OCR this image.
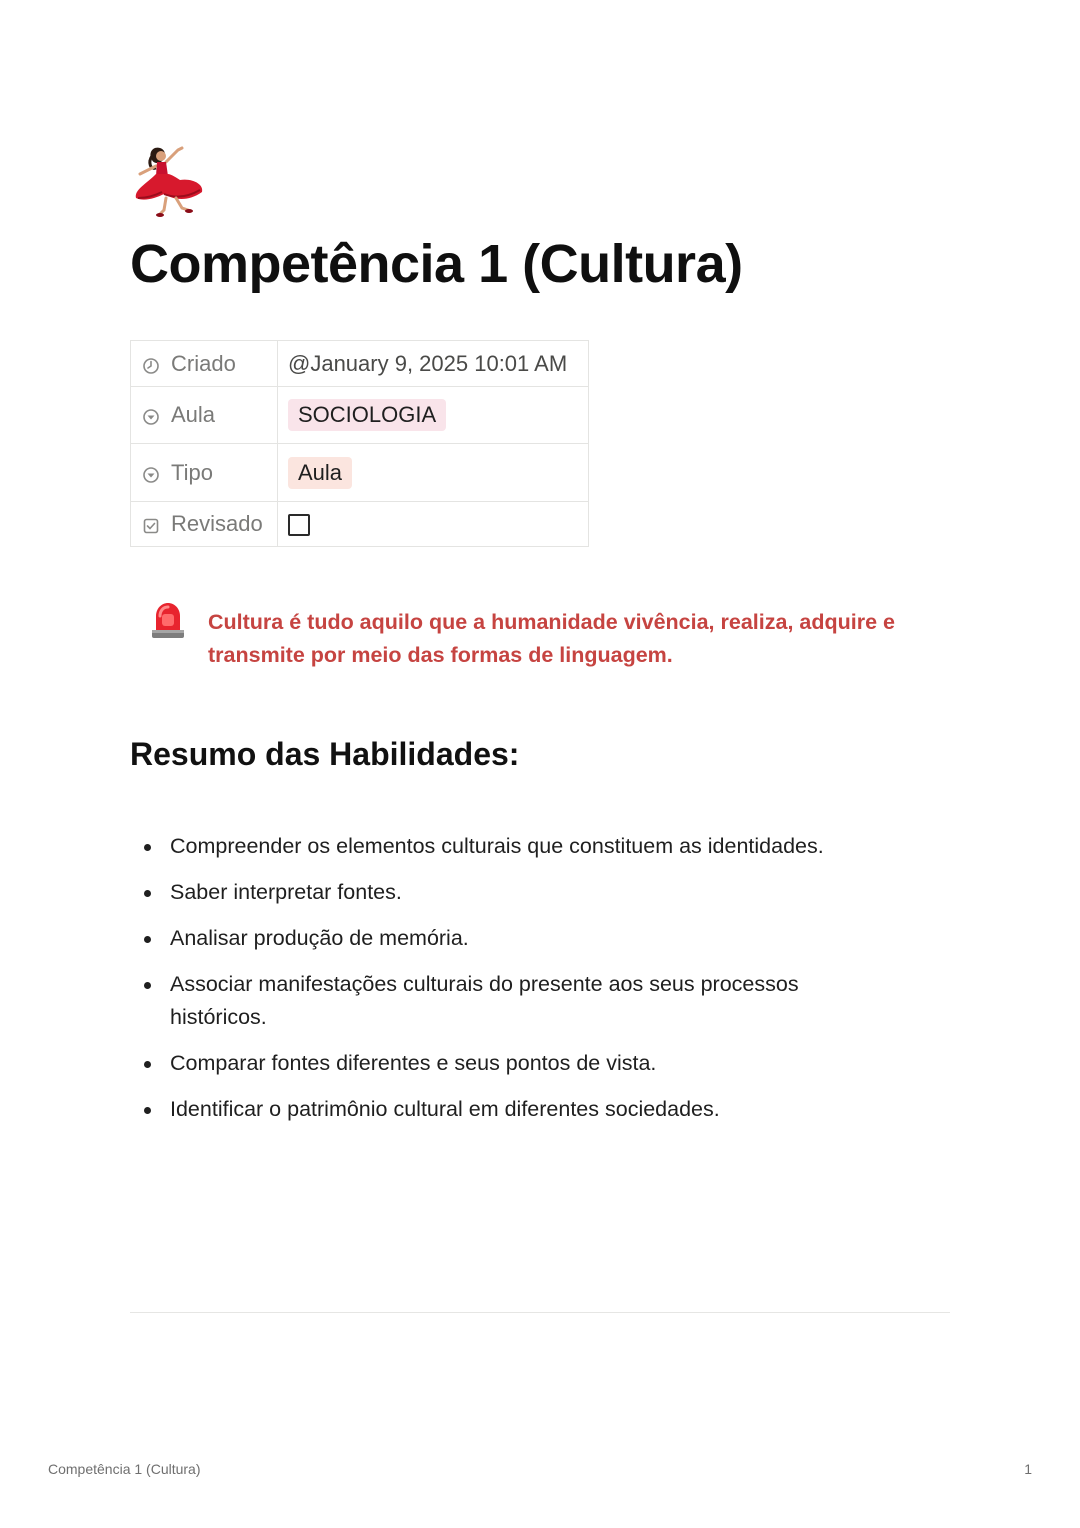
Competência 1 (Cultura)
Criado	@January 9, 2025 10:01 AM

Aula	SOCIOLOGIA

Tipo	Aula

Revisado	

Cultura é tudo aquilo que a humanidade vivência, realiza, adquire e transmite por meio das formas de linguagem.
Resumo das Habilidades:
Compreender os elementos culturais que constituem as identidades.
Saber interpretar fontes.
Analisar produção de memória.
Associar manifestações culturais do presente aos seus processos históricos.
Comparar fontes diferentes e seus pontos de vista.
Identificar o patrimônio cultural em diferentes sociedades.
Competência 1 (Cultura)	1
